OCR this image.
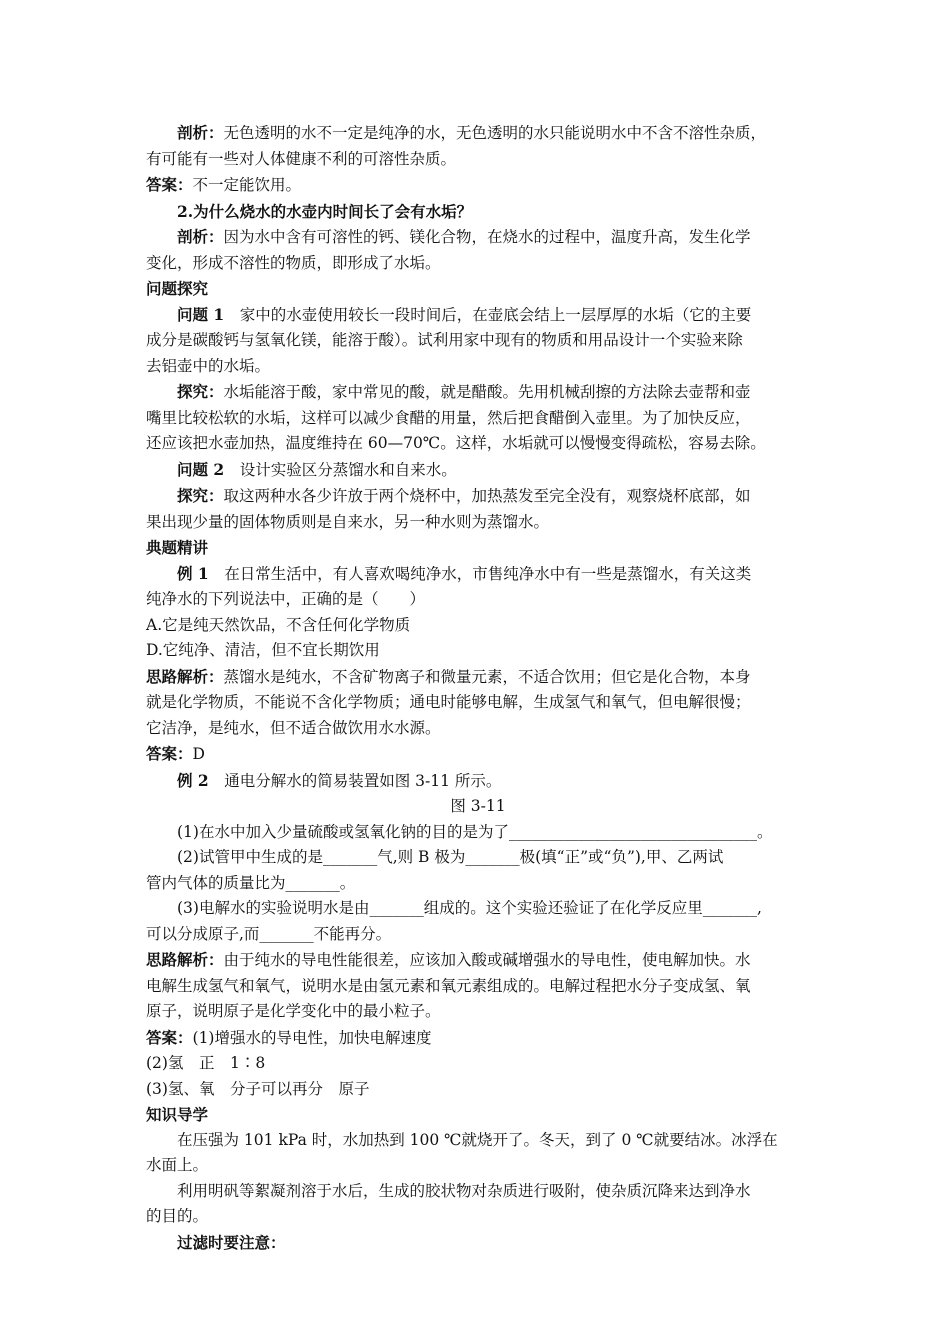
剖析：无色透明的水不一定是纯净的水，无色透明的水只能说明水中不含不溶性杂质，
有可能有一些对人体健康不利的可溶性杂质。
答案：不一定能饮用。
2.为什么烧水的水壶内时间长了会有水垢？
剖析：因为水中含有可溶性的钙、镁化合物，在烧水的过程中，温度升高，发生化学
变化，形成不溶性的物质，即形成了水垢。
问题探究
问题 1　家中的水壶使用较长一段时间后，在壶底会结上一层厚厚的水垢（它的主要
成分是碳酸钙与氢氧化镁，能溶于酸）。试利用家中现有的物质和用品设计一个实验来除
去铝壶中的水垢。
探究：水垢能溶于酸，家中常见的酸，就是醋酸。先用机械刮擦的方法除去壶帮和壶
嘴里比较松软的水垢，这样可以减少食醋的用量，然后把食醋倒入壶里。为了加快反应，
还应该把水壶加热，温度维持在 60—70℃。这样，水垢就可以慢慢变得疏松，容易去除。
问题 2　设计实验区分蒸馏水和自来水。
探究：取这两种水各少许放于两个烧杯中，加热蒸发至完全没有，观察烧杯底部，如
果出现少量的固体物质则是自来水，另一种水则为蒸馏水。
典题精讲
例 1　在日常生活中，有人喜欢喝纯净水，市售纯净水中有一些是蒸馏水，有关这类
纯净水的下列说法中，正确的是（　　）
A.它是纯天然饮品，不含任何化学物质
D.它纯净、清洁，但不宜长期饮用
思路解析：蒸馏水是纯水，不含矿物离子和微量元素，不适合饮用；但它是化合物，本身
就是化学物质，不能说不含化学物质；通电时能够电解，生成氢气和氧气，但电解很慢；
它洁净，是纯水，但不适合做饮用水水源。
答案：D
例 2　通电分解水的简易装置如图 3-11 所示。
图 3-11
(1)在水中加入少量硫酸或氢氧化钠的目的是为了________________________________。
(2)试管甲中生成的是_______气,则 B 极为_______极(填“正”或“负”),甲、乙两试
管内气体的质量比为_______。
(3)电解水的实验说明水是由_______组成的。这个实验还验证了在化学反应里_______,
可以分成原子,而_______不能再分。
思路解析：由于纯水的导电性能很差，应该加入酸或碱增强水的导电性，使电解加快。水
电解生成氢气和氧气，说明水是由氢元素和氧元素组成的。电解过程把水分子变成氢、氧
原子，说明原子是化学变化中的最小粒子。
答案：(1)增强水的导电性，加快电解速度
(2)氢　正　1∶8
(3)氢、氧　分子可以再分　原子
知识导学
在压强为 101 kPa 时，水加热到 100 ℃就烧开了。冬天，到了 0 ℃就要结冰。冰浮在
水面上。
利用明矾等絮凝剂溶于水后，生成的胶状物对杂质进行吸附，使杂质沉降来达到净水
的目的。
过滤时要注意：
